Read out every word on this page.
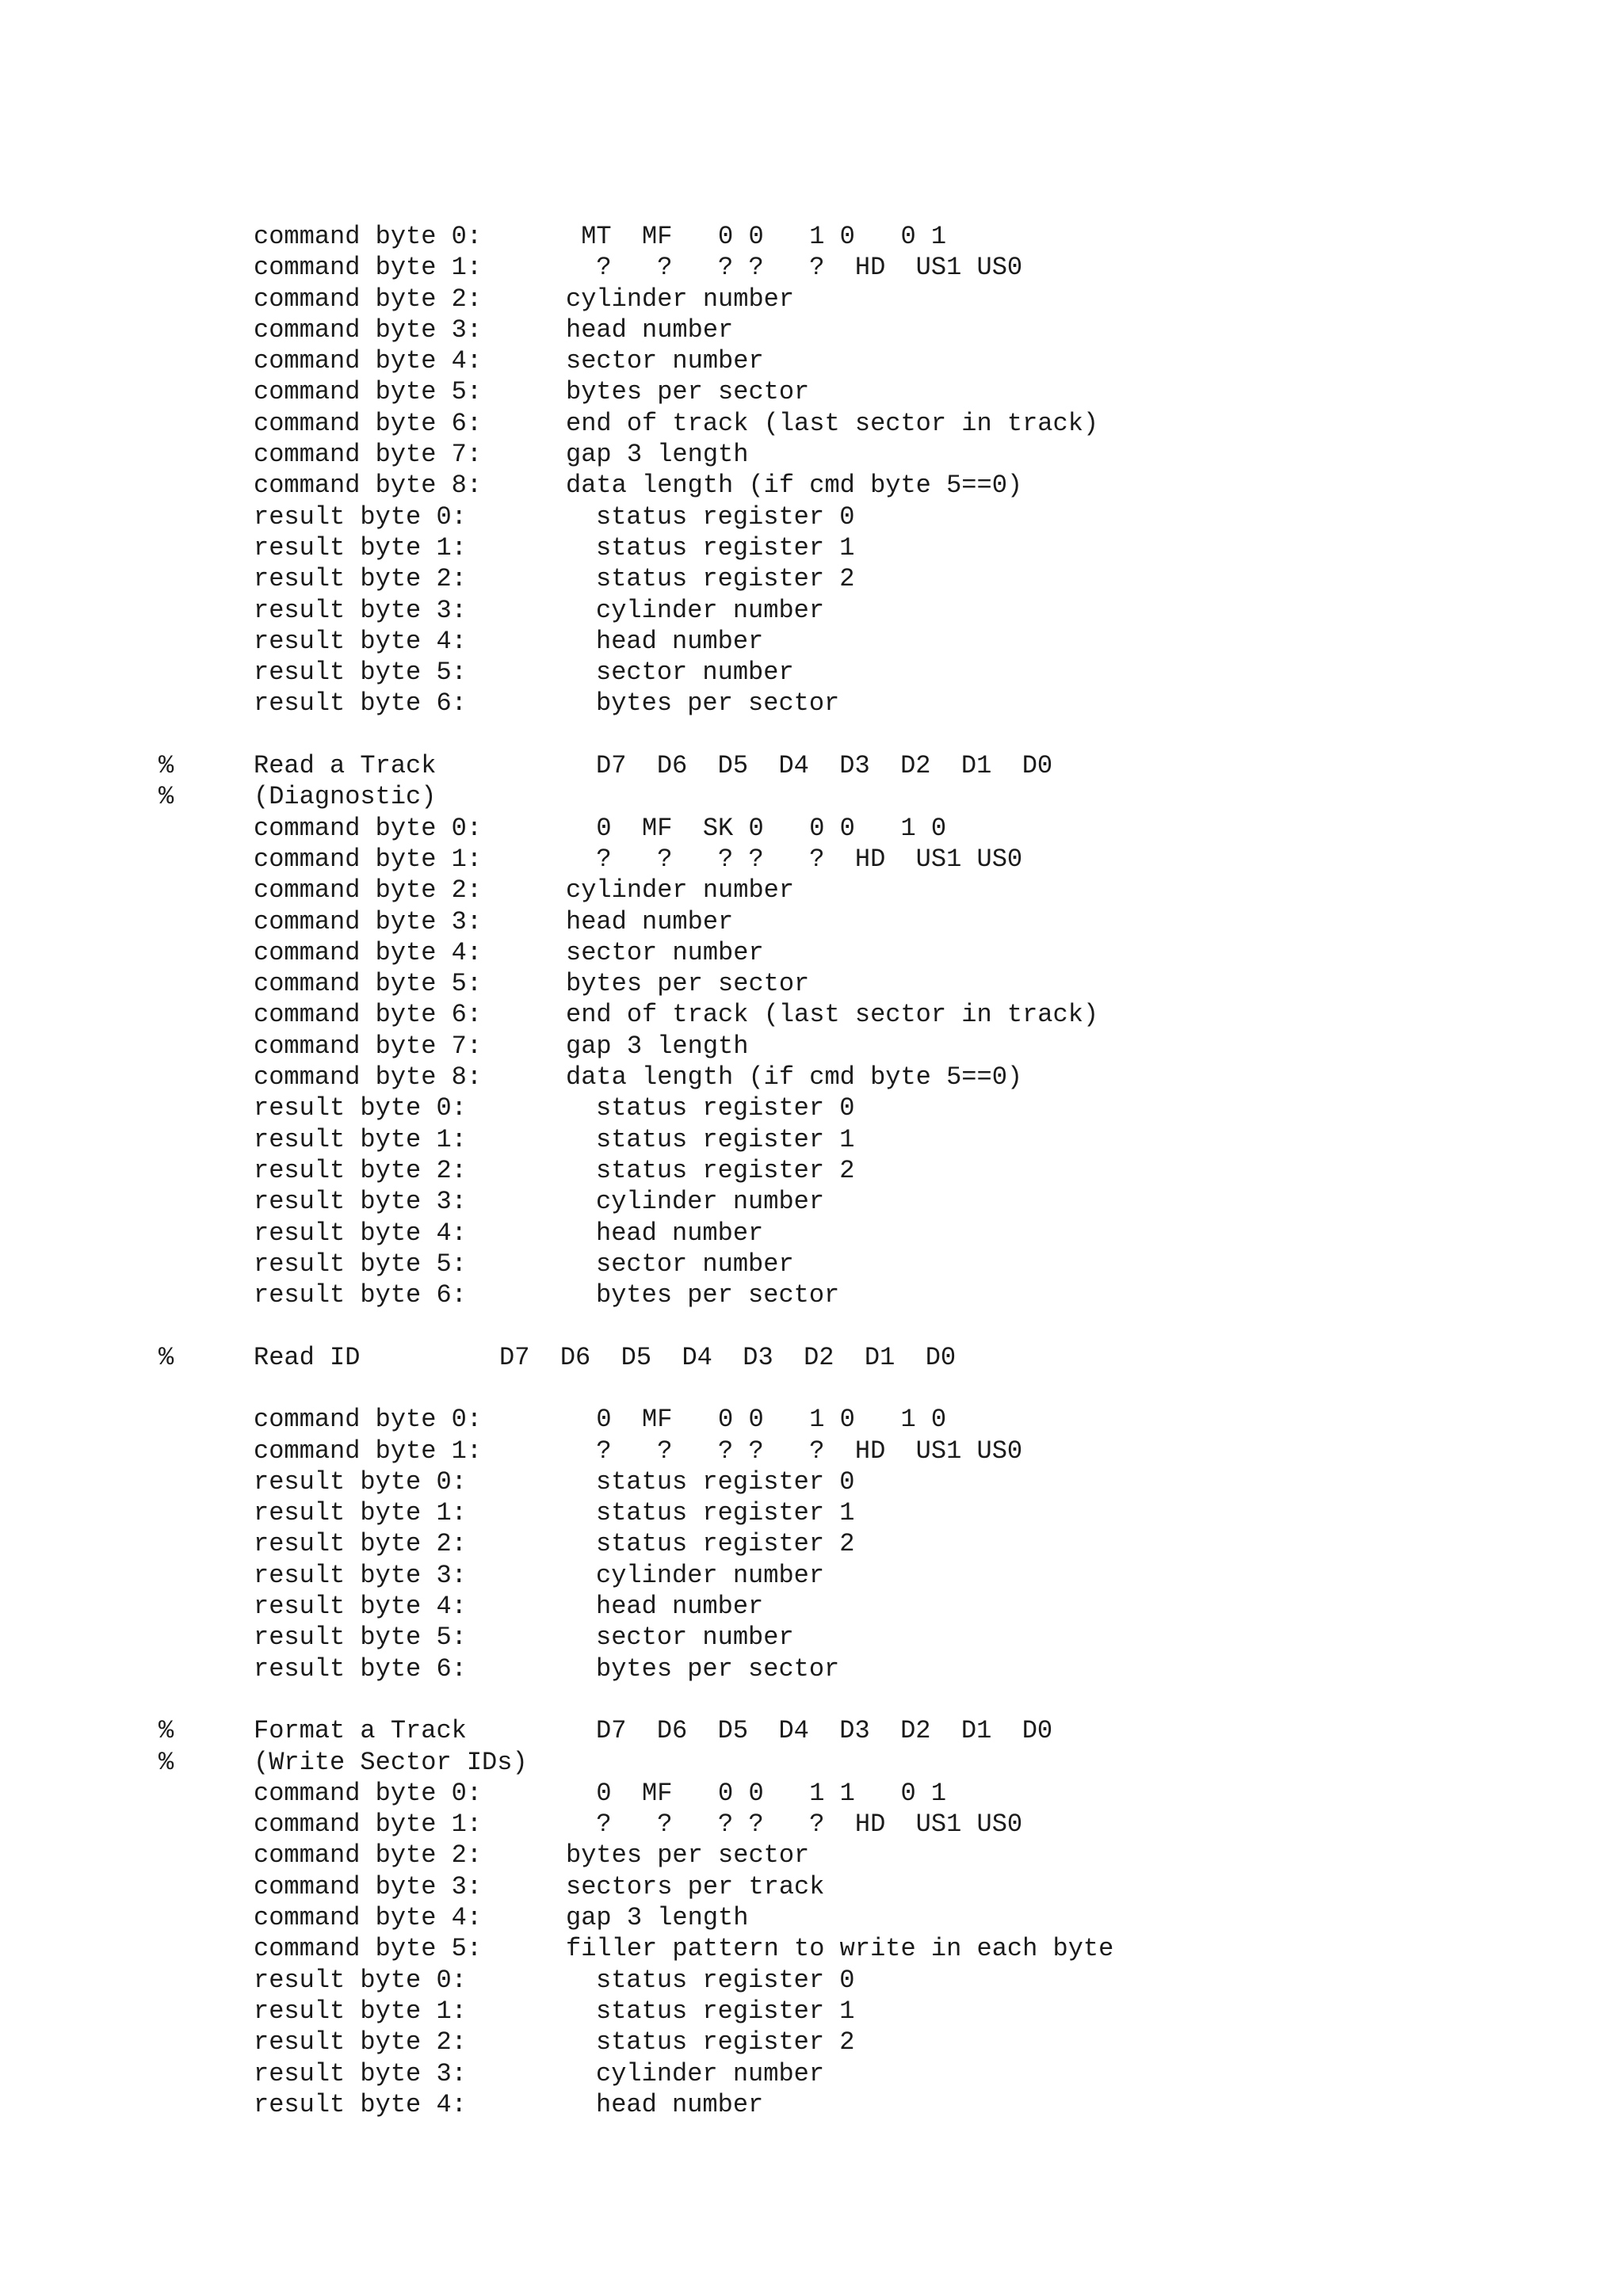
command byte 0:	MT  MF   0 0   1 0   0 1
command byte 1:	?   ?   ? ?   ?  HD  US1 US0
command byte 2:	cylinder number
command byte 3:	head number
command byte 4:	sector number
command byte 5:	bytes per sector
command byte 6:	end of track (last sector in track)
command byte 7:	gap 3 length
command byte 8:	data length (if cmd byte 5==0)
result byte 0:	status register 0
result byte 1:	status register 1
result byte 2:	status register 2
result byte 3:	cylinder number
result byte 4:	head number
result byte 5:	sector number
result byte 6:	bytes per sector
%	Read a Track	D7  D6  D5  D4  D3  D2  D1  D0
%	(Diagnostic)
command byte 0:	0  MF  SK 0   0 0   1 0
command byte 1:	?   ?   ? ?   ?  HD  US1 US0
command byte 2:	cylinder number
command byte 3:	head number
command byte 4:	sector number
command byte 5:	bytes per sector
command byte 6:	end of track (last sector in track)
command byte 7:	gap 3 length
command byte 8:	data length (if cmd byte 5==0)
result byte 0:	status register 0
result byte 1:	status register 1
result byte 2:	status register 2
result byte 3:	cylinder number
result byte 4:	head number
result byte 5:	sector number
result byte 6:	bytes per sector
%	Read ID	D7  D6  D5  D4  D3  D2  D1  D0
command byte 0:	0  MF   0 0   1 0   1 0
command byte 1:	?   ?   ? ?   ?  HD  US1 US0
result byte 0:	status register 0
result byte 1:	status register 1
result byte 2:	status register 2
result byte 3:	cylinder number
result byte 4:	head number
result byte 5:	sector number
result byte 6:	bytes per sector
%	Format a Track	D7  D6  D5  D4  D3  D2  D1  D0
%	(Write Sector IDs)
command byte 0:	0  MF   0 0   1 1   0 1
command byte 1:	?   ?   ? ?   ?  HD  US1 US0
command byte 2:	bytes per sector
command byte 3:	sectors per track
command byte 4:	gap 3 length
command byte 5:	filler pattern to write in each byte
result byte 0:	status register 0
result byte 1:	status register 1
result byte 2:	status register 2
result byte 3:	cylinder number
result byte 4:	head number
